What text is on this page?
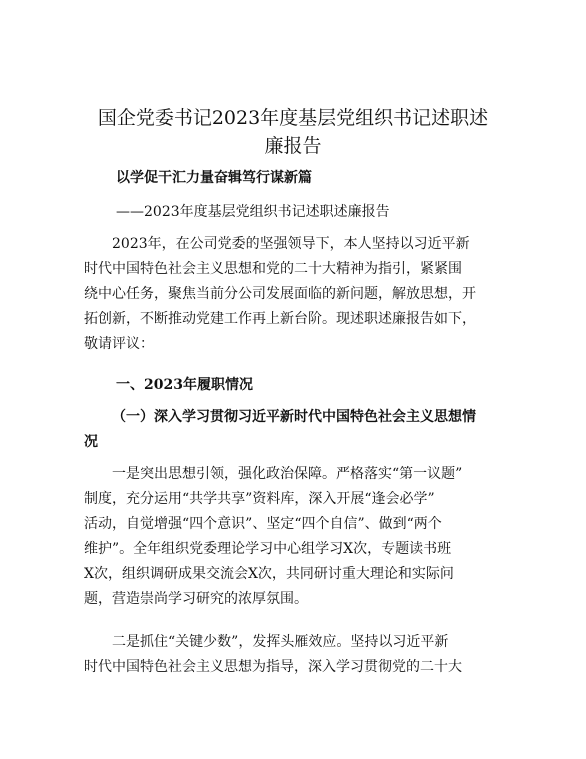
国企党委书记2023年度基层党组织书记述职述
廉报告

以学促干汇力量奋辑笃行谋新篇

——2023年度基层党组织书记述职述廉报告

2023年，在公司党委的坚强领导下，本人坚持以习近平新
时代中国特色社会主义思想和党的二十大精神为指引，紧紧围
绕中心任务，聚焦当前分公司发展面临的新问题，解放思想，开
拓创新，不断推动党建工作再上新台阶。现述职述廉报告如下，
敬请评议：

一、2023年履职情况

（一）深入学习贯彻习近平新时代中国特色社会主义思想情
况

一是突出思想引领，强化政治保障。严格落实“第一议题”
制度，充分运用“共学共享”资料库，深入开展“逢会必学”
活动，自觉增强“四个意识”、坚定“四个自信”、做到“两个
维护”。全年组织党委理论学习中心组学习X次，专题读书班
X次，组织调研成果交流会X次，共同研讨重大理论和实际问
题，营造崇尚学习研究的浓厚氛围。

二是抓住“关键少数”，发挥头雁效应。坚持以习近平新
时代中国特色社会主义思想为指导，深入学习贯彻党的二十大
